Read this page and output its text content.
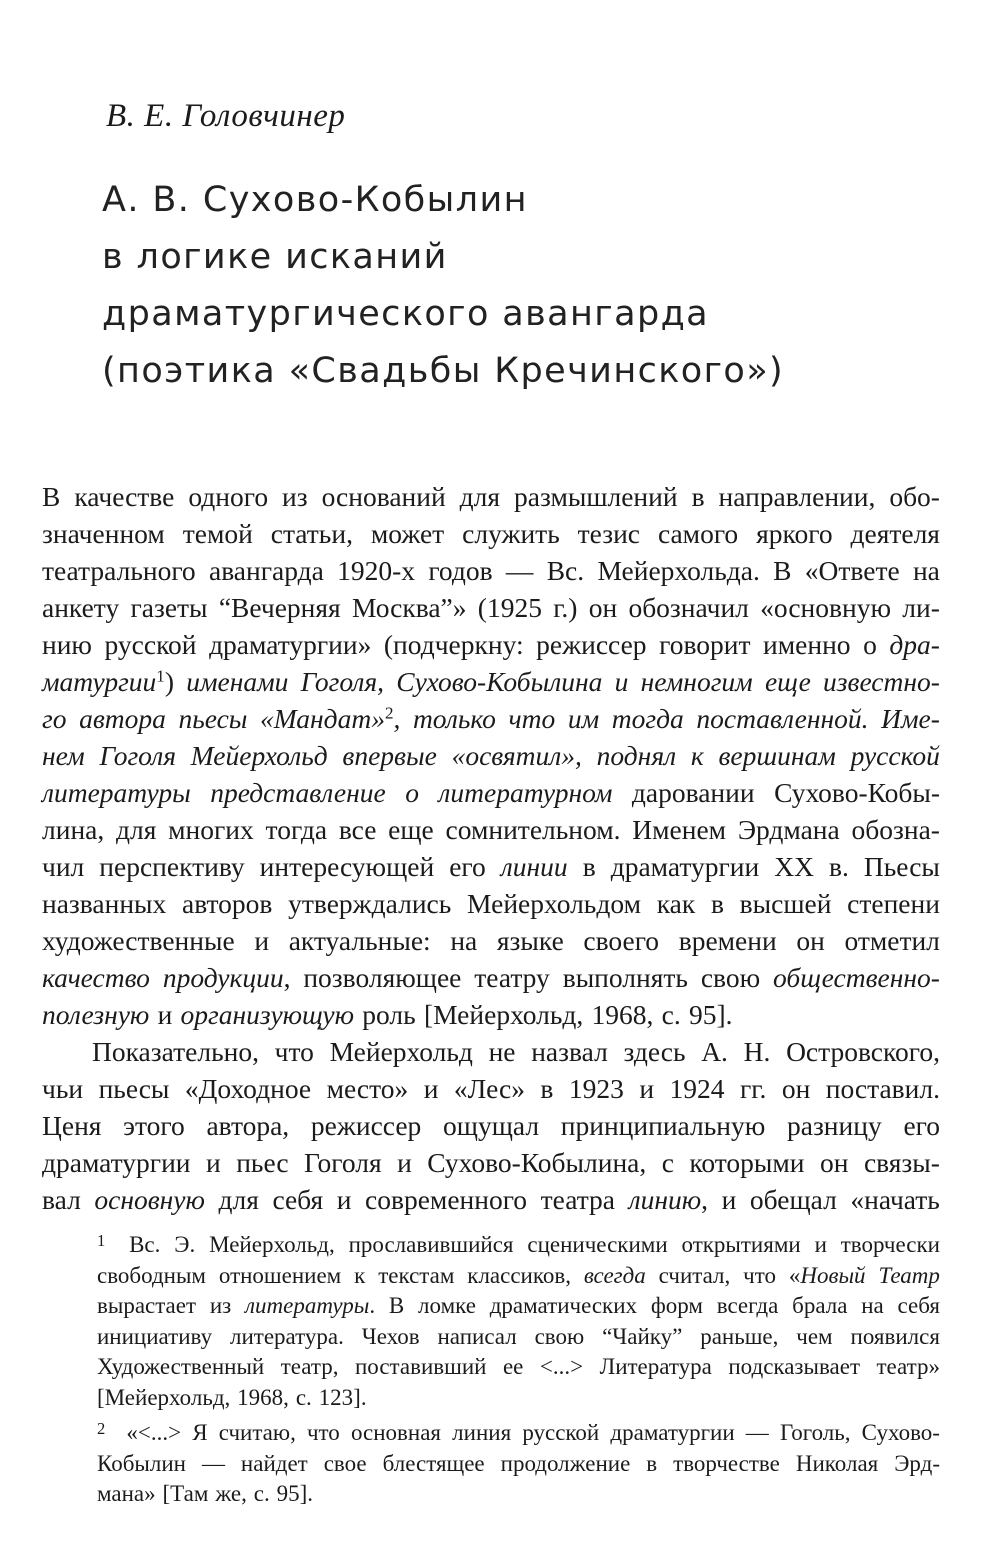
В. Е. Головчинер
А. В. Сухово-Кобылин
в логике исканий
драматургического авангарда
(поэтика «Свадьбы Кречинского»)
В качестве одного из оснований для размышлений в направлении, обо-
значенном темой статьи, может служить тезис самого яркого деятеля
театрального авангарда 1920-х годов — Вс. Мейерхольда. В «Ответе на
анкету газеты “Вечерняя Москва”» (1925 г.) он обозначил «основную ли-
нию русской драматургии» (подчеркну: режиссер говорит именно о дра-
матургии$^1$) именами Гоголя, Сухово-Кобылина и немногим еще известно-
го автора пьесы «Мандат»$^2$, только что им тогда поставленной. Име-
нем Гоголя Мейерхольд впервые «освятил», поднял к вершинам русской
литературы представление о литературном даровании Сухово-Кобы-
лина, для многих тогда все еще сомнительном. Именем Эрдмана обозна-
чил перспективу интересующей его линии в драматургии XX в. Пьесы
названных авторов утверждались Мейерхольдом как в высшей степени
художественные и актуальные: на языке своего времени он отметил
качество продукции, позволяющее театру выполнять свою общественно-
полезную и организующую роль [Мейерхольд, 1968, с. 95].
Показательно, что Мейерхольд не назвал здесь А. Н. Островского,
чьи пьесы «Доходное место» и «Лес» в 1923 и 1924 гг. он поставил.
Ценя этого автора, режиссер ощущал принципиальную разницу его
драматургии и пьес Гоголя и Сухово-Кобылина, с которыми он связы-
вал основную для себя и современного театра линию, и обещал «начать
$^1$	Вс. Э. Мейерхольд, прославившийся сценическими открытиями и творчески
свободным отношением к текстам классиков, всегда считал, что «Новый Театр
вырастает из литературы. В ломке драматических форм всегда брала на себя
инициативу литература. Чехов написал свою “Чайку” раньше, чем появился
Художественный театр, поставивший ее <...> Литература подсказывает театр»
[Мейерхольд, 1968, с. 123].
$^2$ «<...> Я считаю, что основная линия русской драматургии — Гоголь, Сухово-
Кобылин — найдет свое блестящее продолжение в творчестве Николая Эрд-
мана» [Там же, с. 95].
